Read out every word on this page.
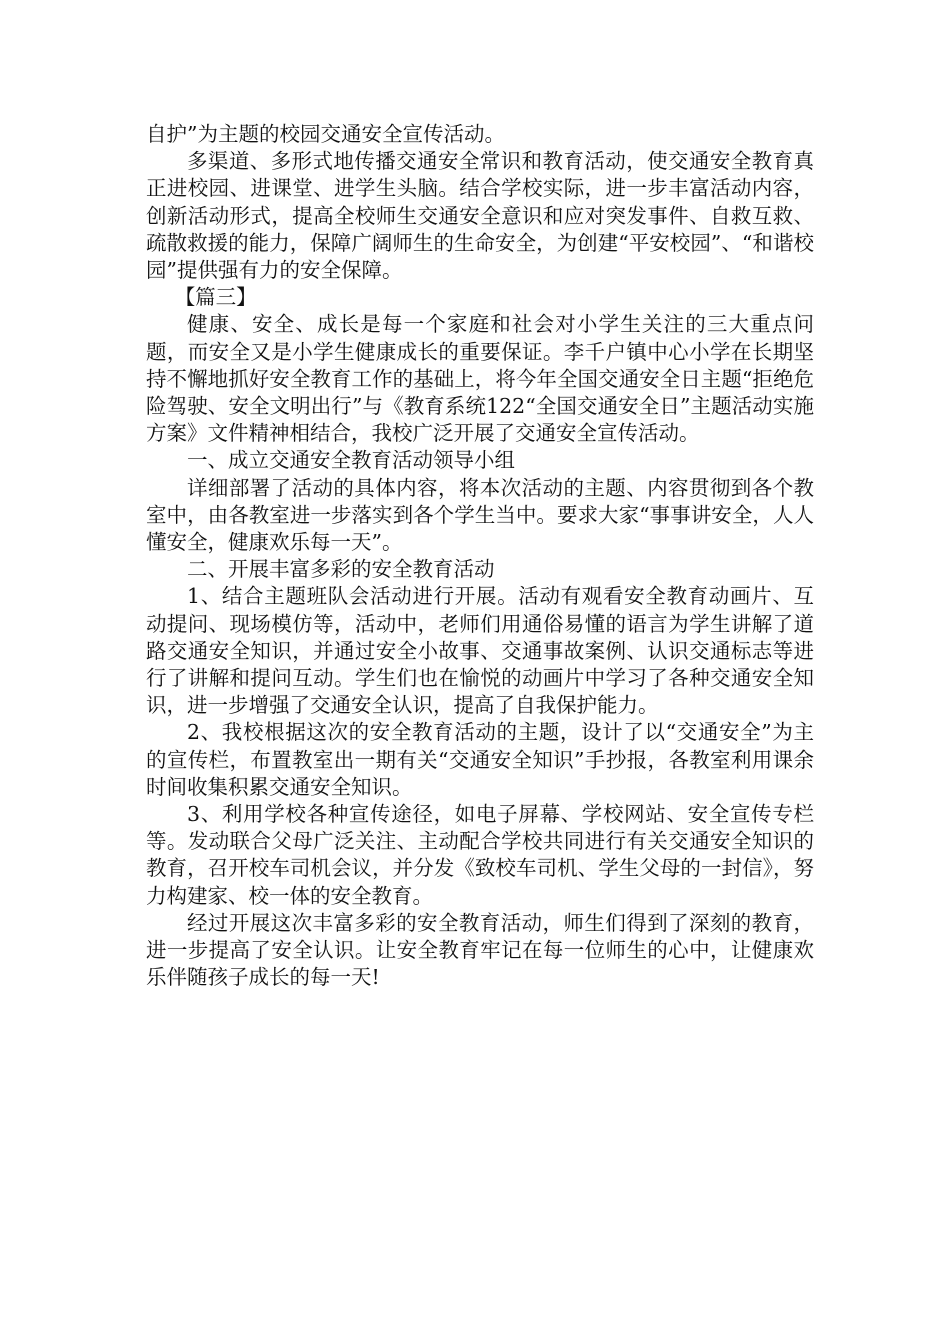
自护”为主题的校园交通安全宣传活动。

多渠道、多形式地传播交通安全常识和教育活动，使交通安全教育真正进校园、进课堂、进学生头脑。结合学校实际，进一步丰富活动内容，创新活动形式，提高全校师生交通安全意识和应对突发事件、自救互救、疏散救援的能力，保障广阔师生的生命安全，为创建“平安校园”、“和谐校园”提供强有力的安全保障。

【篇三】

健康、安全、成长是每一个家庭和社会对小学生关注的三大重点问题，而安全又是小学生健康成长的重要保证。李千户镇中心小学在长期坚持不懈地抓好安全教育工作的基础上，将今年全国交通安全日主题“拒绝危险驾驶、安全文明出行”与《教育系统122“全国交通安全日”主题活动实施方案》文件精神相结合，我校广泛开展了交通安全宣传活动。

一、成立交通安全教育活动领导小组

详细部署了活动的具体内容，将本次活动的主题、内容贯彻到各个教室中，由各教室进一步落实到各个学生当中。要求大家“事事讲安全，人人懂安全，健康欢乐每一天”。

二、开展丰富多彩的安全教育活动

1、结合主题班队会活动进行开展。活动有观看安全教育动画片、互动提问、现场模仿等，活动中，老师们用通俗易懂的语言为学生讲解了道路交通安全知识，并通过安全小故事、交通事故案例、认识交通标志等进行了讲解和提问互动。学生们也在愉悦的动画片中学习了各种交通安全知识，进一步增强了交通安全认识，提高了自我保护能力。

2、我校根据这次的安全教育活动的主题，设计了以“交通安全”为主的宣传栏，布置教室出一期有关“交通安全知识”手抄报，各教室利用课余时间收集积累交通安全知识。

3、利用学校各种宣传途径，如电子屏幕、学校网站、安全宣传专栏等。发动联合父母广泛关注、主动配合学校共同进行有关交通安全知识的教育，召开校车司机会议，并分发《致校车司机、学生父母的一封信》，努力构建家、校一体的安全教育。

经过开展这次丰富多彩的安全教育活动，师生们得到了深刻的教育，进一步提高了安全认识。让安全教育牢记在每一位师生的心中，让健康欢乐伴随孩子成长的每一天!
